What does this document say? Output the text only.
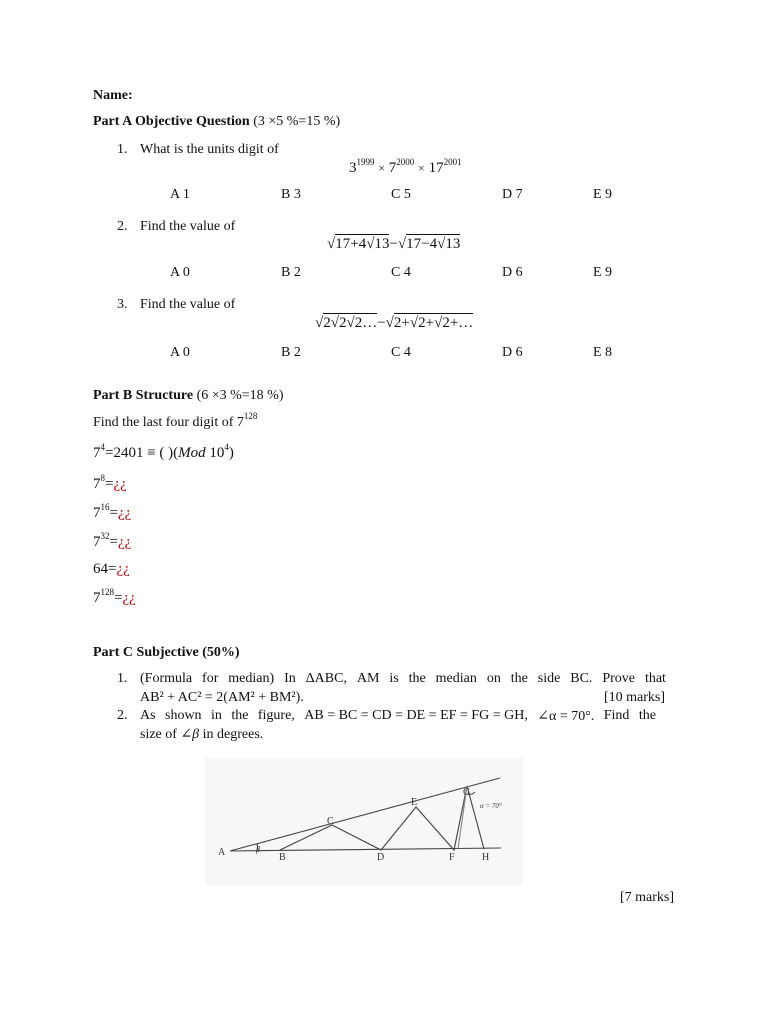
Name:
Part A Objective Question (3 ×5 %=15 %)
1. What is the units digit of
$3^{1999} \times 7^{2000} \times 17^{2001}$
A 1	B 3	C 5	D 7	E 9
2. Find the value of
√17+4√13−√17−4√13
A 0	B 2	C 4	D 6	E 9
3. Find the value of
√2√2√2…−√2+√2+√2+…
A 0	B 2	C 4	D 6	E 8
Part B Structure (6 ×3 %=18 %)
Find the last four digit of $7^{128}$
$7^4=2401$ ≡ ( )(Mod $10^4$)
$7^8=¿¿$
$7^{16}=¿¿$
$7^{32}=¿¿$
64=¿¿
$7^{128}=¿¿$
Part C Subjective (50%)
1. (Formula for median) In ΔABC, AM is the median on the side BC. Prove that
AB² + AC² = 2(AM² + BM²).	[10 marks]
2. As shown in the figure, AB = BC = CD = DE = EF = FG = GH, ∠α = 70°. Find the
size of ∠β in degrees.
A	B
C
D
E
F
G
H
α = 70°
β
[7 marks]
